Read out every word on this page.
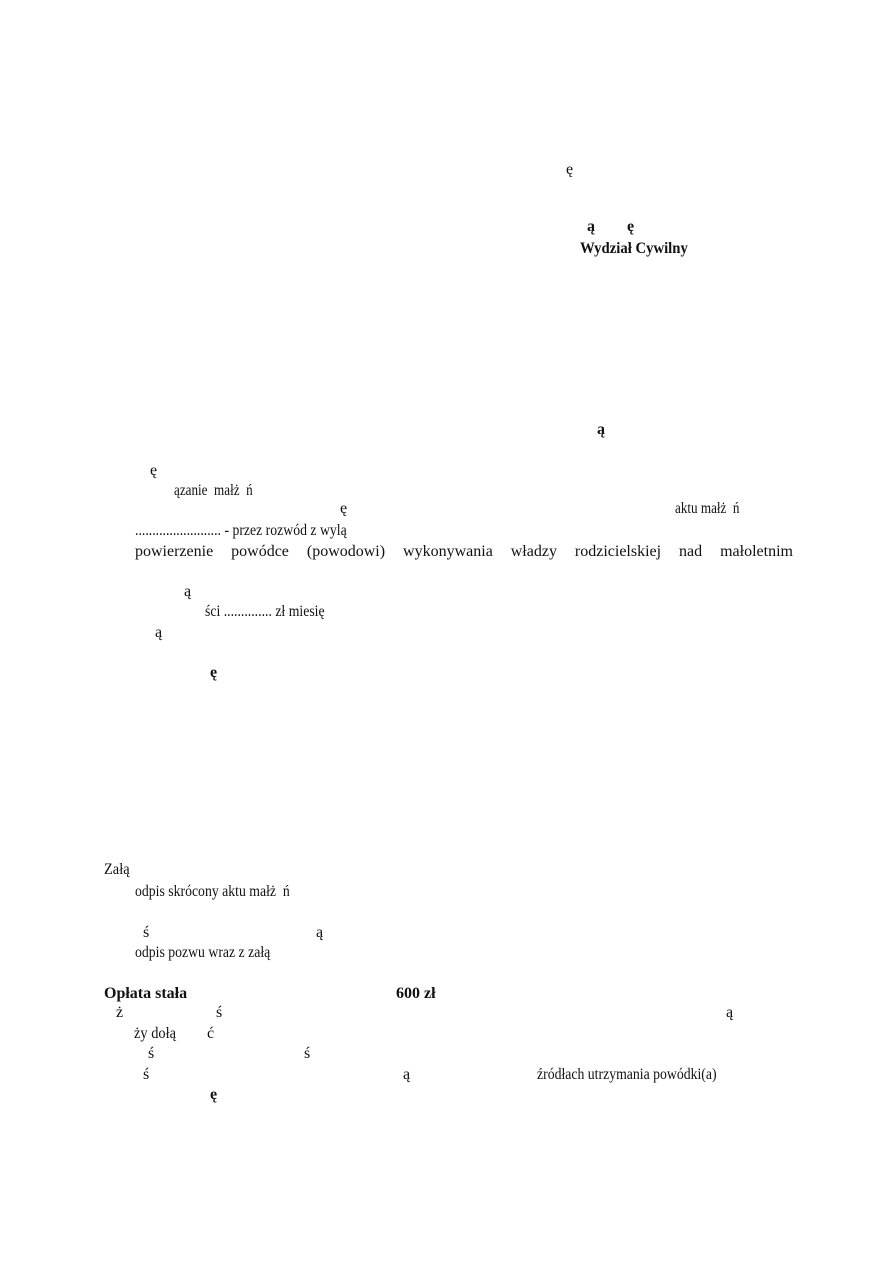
ę
ą        ę
Wydział Cywilny
ą
ę
ązanie  małż  ń
ę	aktu małż  ń
......................... - przez rozwód z wylą
powierzenie powódce (powodowi) wykonywania władzy rodzicielskiej nad małoletnim
ą
ści .............. zł miesię
ą
ę
Załą
odpis skrócony aktu małż  ń
ś	ą
odpis pozwu wraz z załą
Opłata stała	600 zł
ż	ś	ą
ży dołą ć
ś	ś
ś	ą	źródłach utrzymania powódki(a)
ę
